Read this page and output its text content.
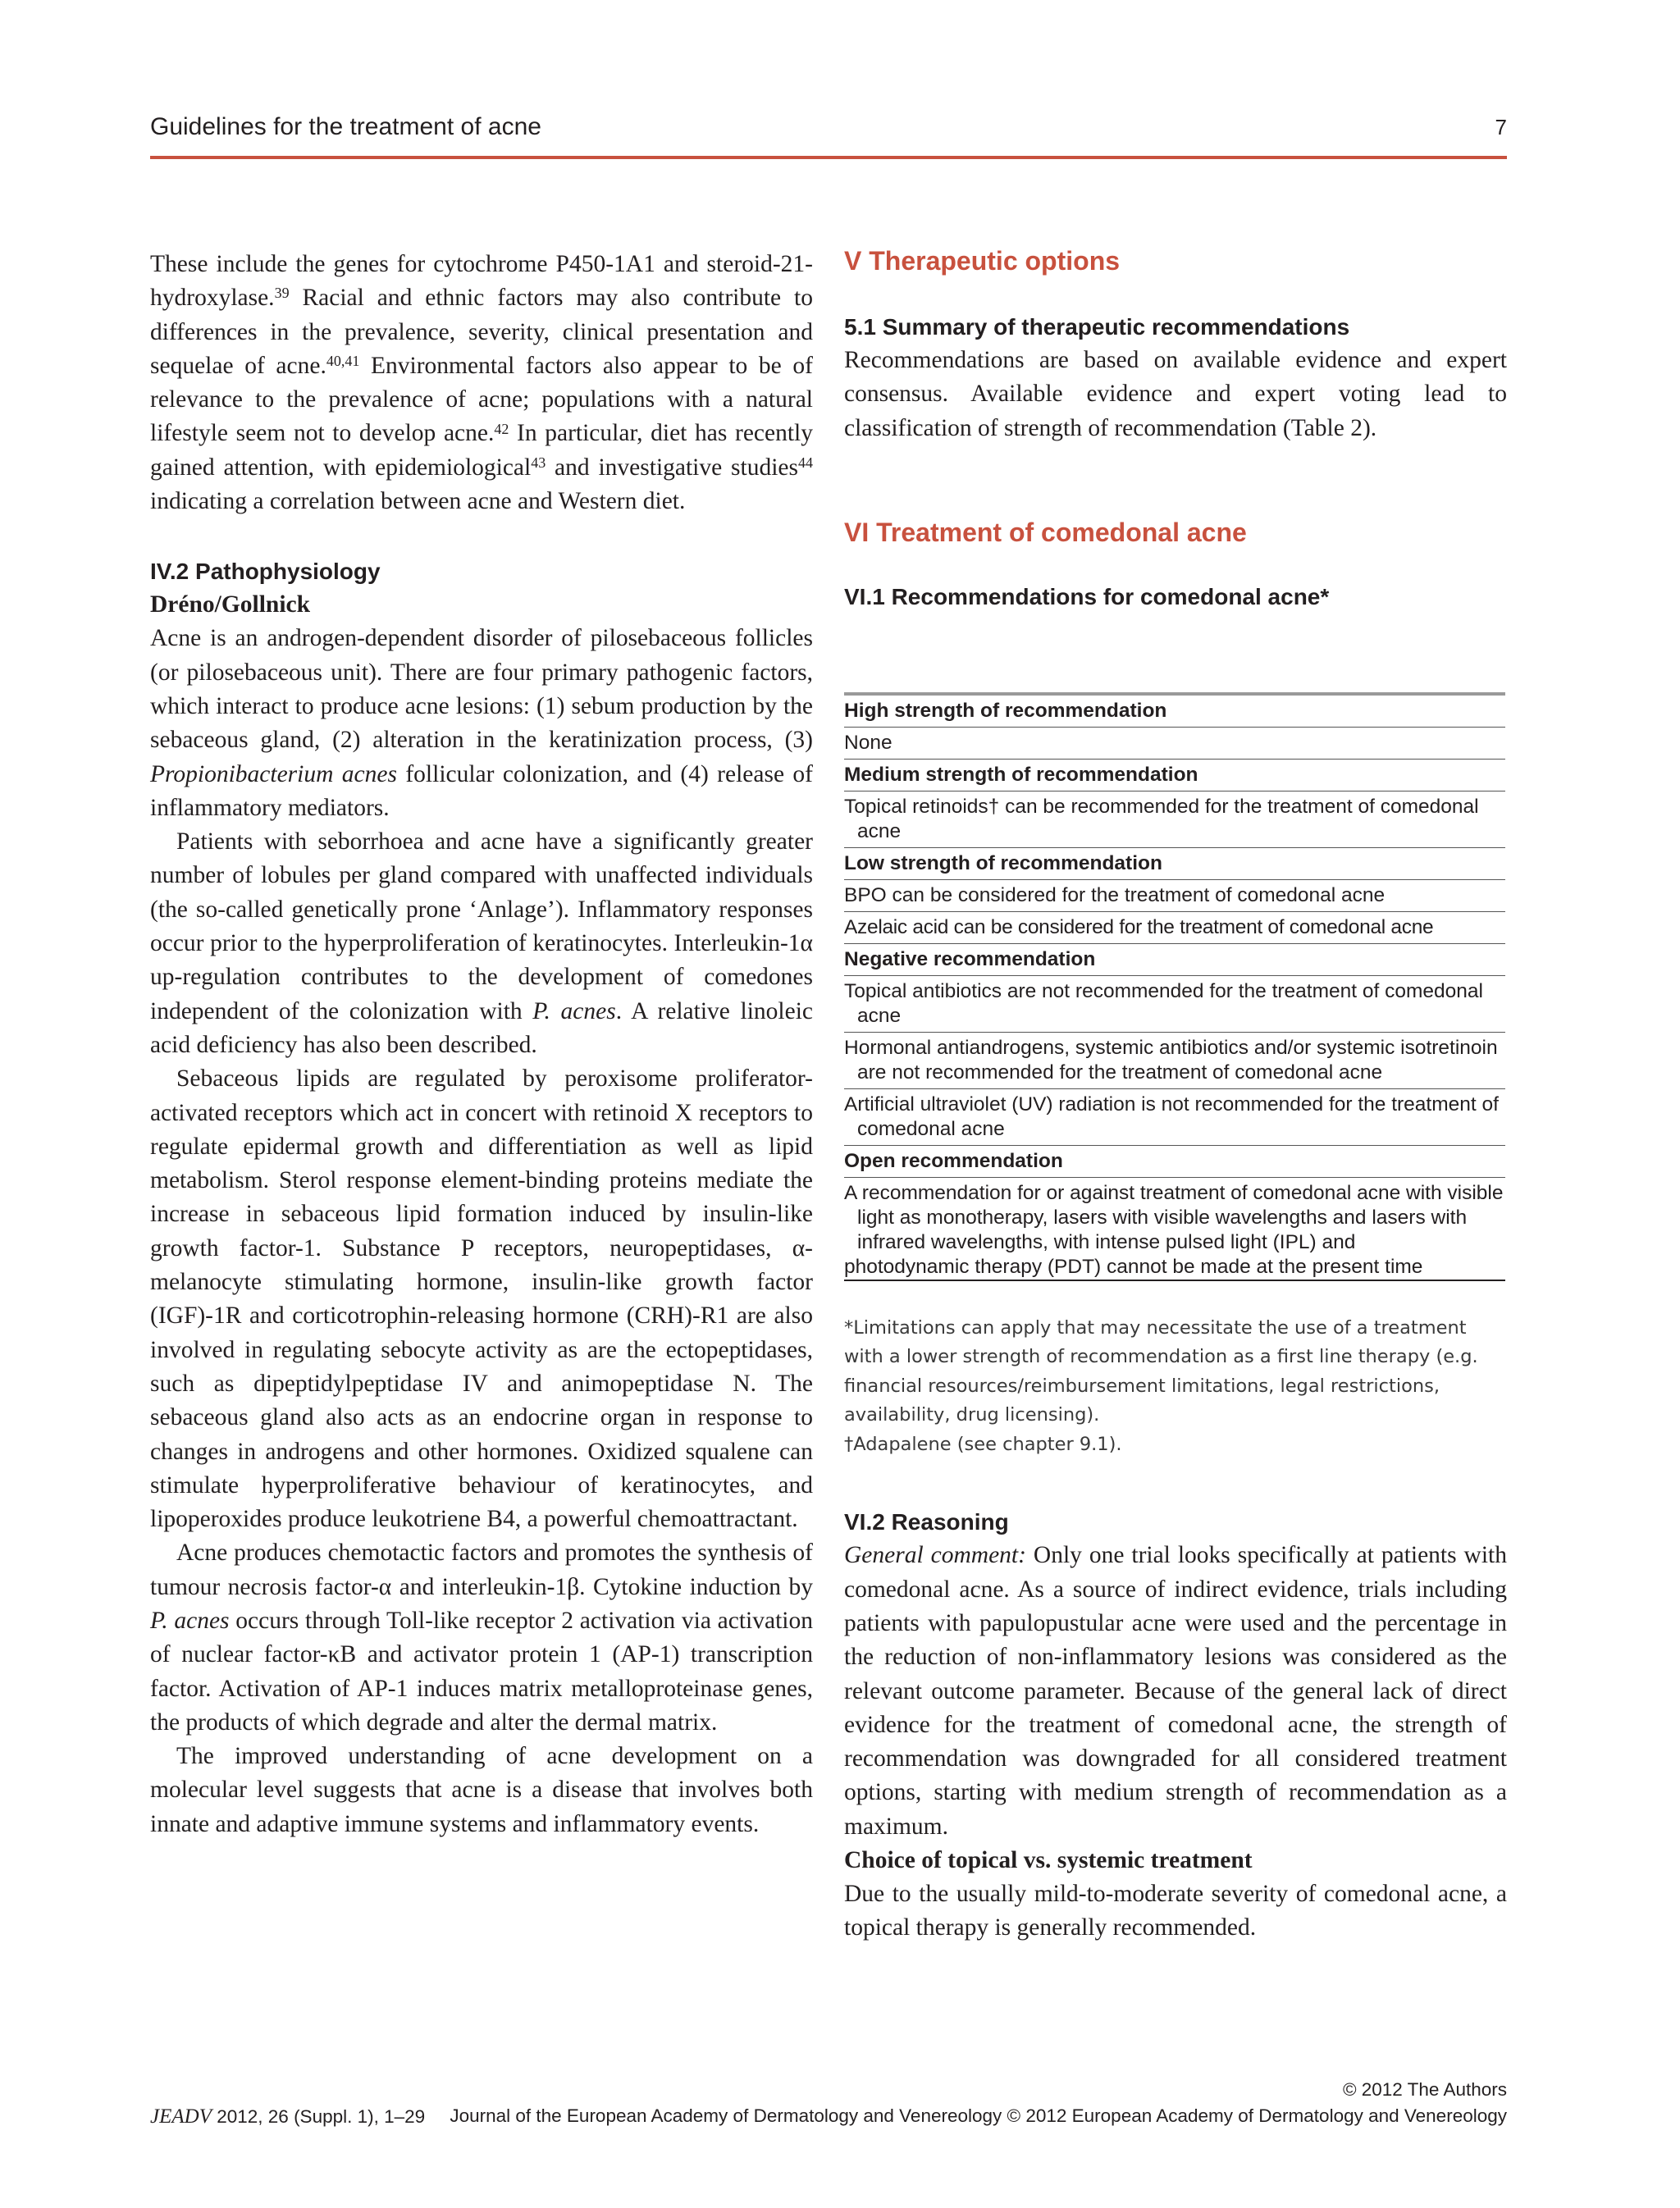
Guidelines for the treatment of acne	7

These include the genes for cytochrome P450-1A1 and steroid-21-hydroxylase.$^{39}$ Racial and ethnic factors may also contribute to differences in the prevalence, severity, clinical presentation and sequelae of acne.$^{40,41}$ Environmental factors also appear to be of relevance to the prevalence of acne; populations with a natural lifestyle seem not to develop acne.$^{42}$ In particular, diet has recently gained attention, with epidemiological$^{43}$ and investigative studies$^{44}$ indicating a correlation between acne and Western diet.

IV.2 Pathophysiology
Dréno/Gollnick

Acne is an androgen-dependent disorder of pilosebaceous follicles (or pilosebaceous unit). There are four primary pathogenic factors, which interact to produce acne lesions: (1) sebum production by the sebaceous gland, (2) alteration in the keratinization process, (3) Propionibacterium acnes follicular colonization, and (4) release of inflammatory mediators.

Patients with seborrhoea and acne have a significantly greater number of lobules per gland compared with unaffected individuals (the so-called genetically prone ‘Anlage’). Inflammatory responses occur prior to the hyperproliferation of keratinocytes. Interleukin-1α up-regulation contributes to the development of comedones independent of the colonization with P. acnes. A relative linoleic acid deficiency has also been described.

Sebaceous lipids are regulated by peroxisome proliferator-activated receptors which act in concert with retinoid X receptors to regulate epidermal growth and differentiation as well as lipid metabolism. Sterol response element-binding proteins mediate the increase in sebaceous lipid formation induced by insulin-like growth factor-1. Substance P receptors, neuropeptidases, α-melanocyte stimulating hormone, insulin-like growth factor (IGF)-1R and corticotrophin-releasing hormone (CRH)-R1 are also involved in regulating sebocyte activity as are the ectopeptidases, such as dipeptidylpeptidase IV and animopeptidase N. The sebaceous gland also acts as an endocrine organ in response to changes in androgens and other hormones. Oxidized squalene can stimulate hyperproliferative behaviour of keratinocytes, and lipoperoxides produce leukotriene B4, a powerful chemoattractant.

Acne produces chemotactic factors and promotes the synthesis of tumour necrosis factor-α and interleukin-1β. Cytokine induction by P. acnes occurs through Toll-like receptor 2 activation via activation of nuclear factor-κB and activator protein 1 (AP-1) transcription factor. Activation of AP-1 induces matrix metalloproteinase genes, the products of which degrade and alter the dermal matrix.

The improved understanding of acne development on a molecular level suggests that acne is a disease that involves both innate and adaptive immune systems and inflammatory events.

V Therapeutic options
5.1 Summary of therapeutic recommendations

Recommendations are based on available evidence and expert consensus. Available evidence and expert voting lead to classification of strength of recommendation (Table 2).

VI Treatment of comedonal acne
VI.1 Recommendations for comedonal acne*
High strength of recommendation
None
Medium strength of recommendation
Topical retinoids† can be recommended for the treatment of comedonal acne
Low strength of recommendation
BPO can be considered for the treatment of comedonal acne
Azelaic acid can be considered for the treatment of comedonal acne
Negative recommendation
Topical antibiotics are not recommended for the treatment of comedonal acne
Hormonal antiandrogens, systemic antibiotics and/or systemic isotretinoin are not recommended for the treatment of comedonal acne
Artificial ultraviolet (UV) radiation is not recommended for the treatment of comedonal acne
Open recommendation
A recommendation for or against treatment of comedonal acne with visible light as monotherapy, lasers with visible wavelengths and lasers with infrared wavelengths, with intense pulsed light (IPL) and
photodynamic therapy (PDT) cannot be made at the present time

*Limitations can apply that may necessitate the use of a treatment with a lower strength of recommendation as a first line therapy (e.g. financial resources/reimbursement limitations, legal restrictions, availability, drug licensing).

†Adapalene (see chapter 9.1).

VI.2 Reasoning

General comment: Only one trial looks specifically at patients with comedonal acne. As a source of indirect evidence, trials including patients with papulopustular acne were used and the percentage in the reduction of non-inflammatory lesions was considered as the relevant outcome parameter. Because of the general lack of direct evidence for the treatment of comedonal acne, the strength of recommendation was downgraded for all considered treatment options, starting with medium strength of recommendation as a maximum.

Choice of topical vs. systemic treatment

Due to the usually mild-to-moderate severity of comedonal acne, a topical therapy is generally recommended.

© 2012 The Authors
JEADV 2012, 26 (Suppl. 1), 1–29 Journal of the European Academy of Dermatology and Venereology © 2012 European Academy of Dermatology and Venereology
